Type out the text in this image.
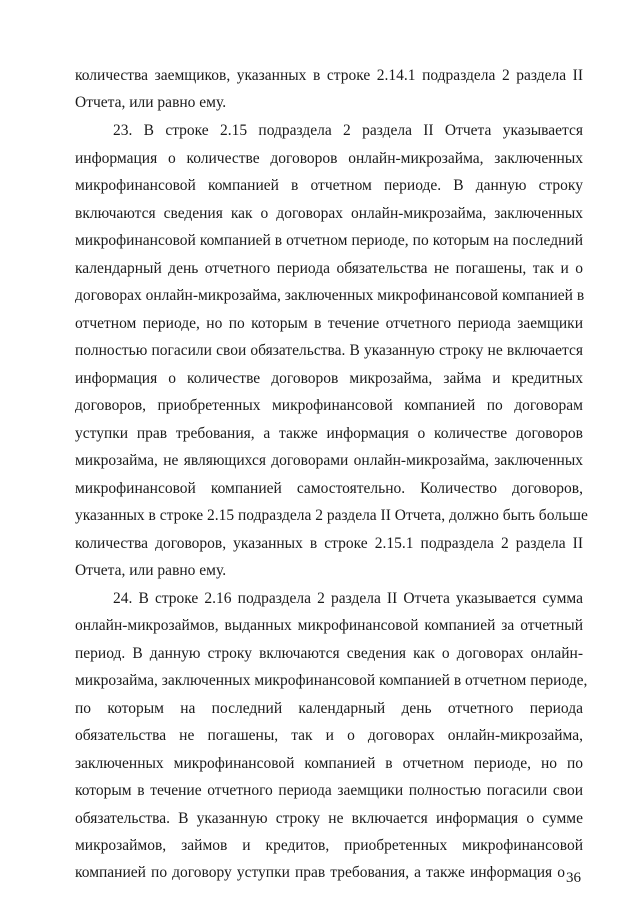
количества заемщиков, указанных в строке 2.14.1 подраздела 2 раздела II
Отчета, или равно ему.
23. В строке 2.15 подраздела 2 раздела II Отчета указывается
информация о количестве договоров онлайн-микрозайма, заключенных
микрофинансовой компанией в отчетном периоде. В данную строку
включаются сведения как о договорах онлайн-микрозайма, заключенных
микрофинансовой компанией в отчетном периоде, по которым на последний
календарный день отчетного периода обязательства не погашены, так и о
договорах онлайн-микрозайма, заключенных микрофинансовой компанией в
отчетном периоде, но по которым в течение отчетного периода заемщики
полностью погасили свои обязательства. В указанную строку не включается
информация о количестве договоров микрозайма, займа и кредитных
договоров, приобретенных микрофинансовой компанией по договорам
уступки прав требования, а также информация о количестве договоров
микрозайма, не являющихся договорами онлайн-микрозайма, заключенных
микрофинансовой компанией самостоятельно. Количество договоров,
указанных в строке 2.15 подраздела 2 раздела II Отчета, должно быть больше
количества договоров, указанных в строке 2.15.1 подраздела 2 раздела II
Отчета, или равно ему.
24. В строке 2.16 подраздела 2 раздела II Отчета указывается сумма
онлайн-микрозаймов, выданных микрофинансовой компанией за отчетный
период. В данную строку включаются сведения как о договорах онлайн-
микрозайма, заключенных микрофинансовой компанией в отчетном периоде,
по которым на последний календарный день отчетного периода
обязательства не погашены, так и о договорах онлайн-микрозайма,
заключенных микрофинансовой компанией в отчетном периоде, но по
которым в течение отчетного периода заемщики полностью погасили свои
обязательства. В указанную строку не включается информация о сумме
микрозаймов, займов и кредитов, приобретенных микрофинансовой
компанией по договору уступки прав требования, а также информация о 36
